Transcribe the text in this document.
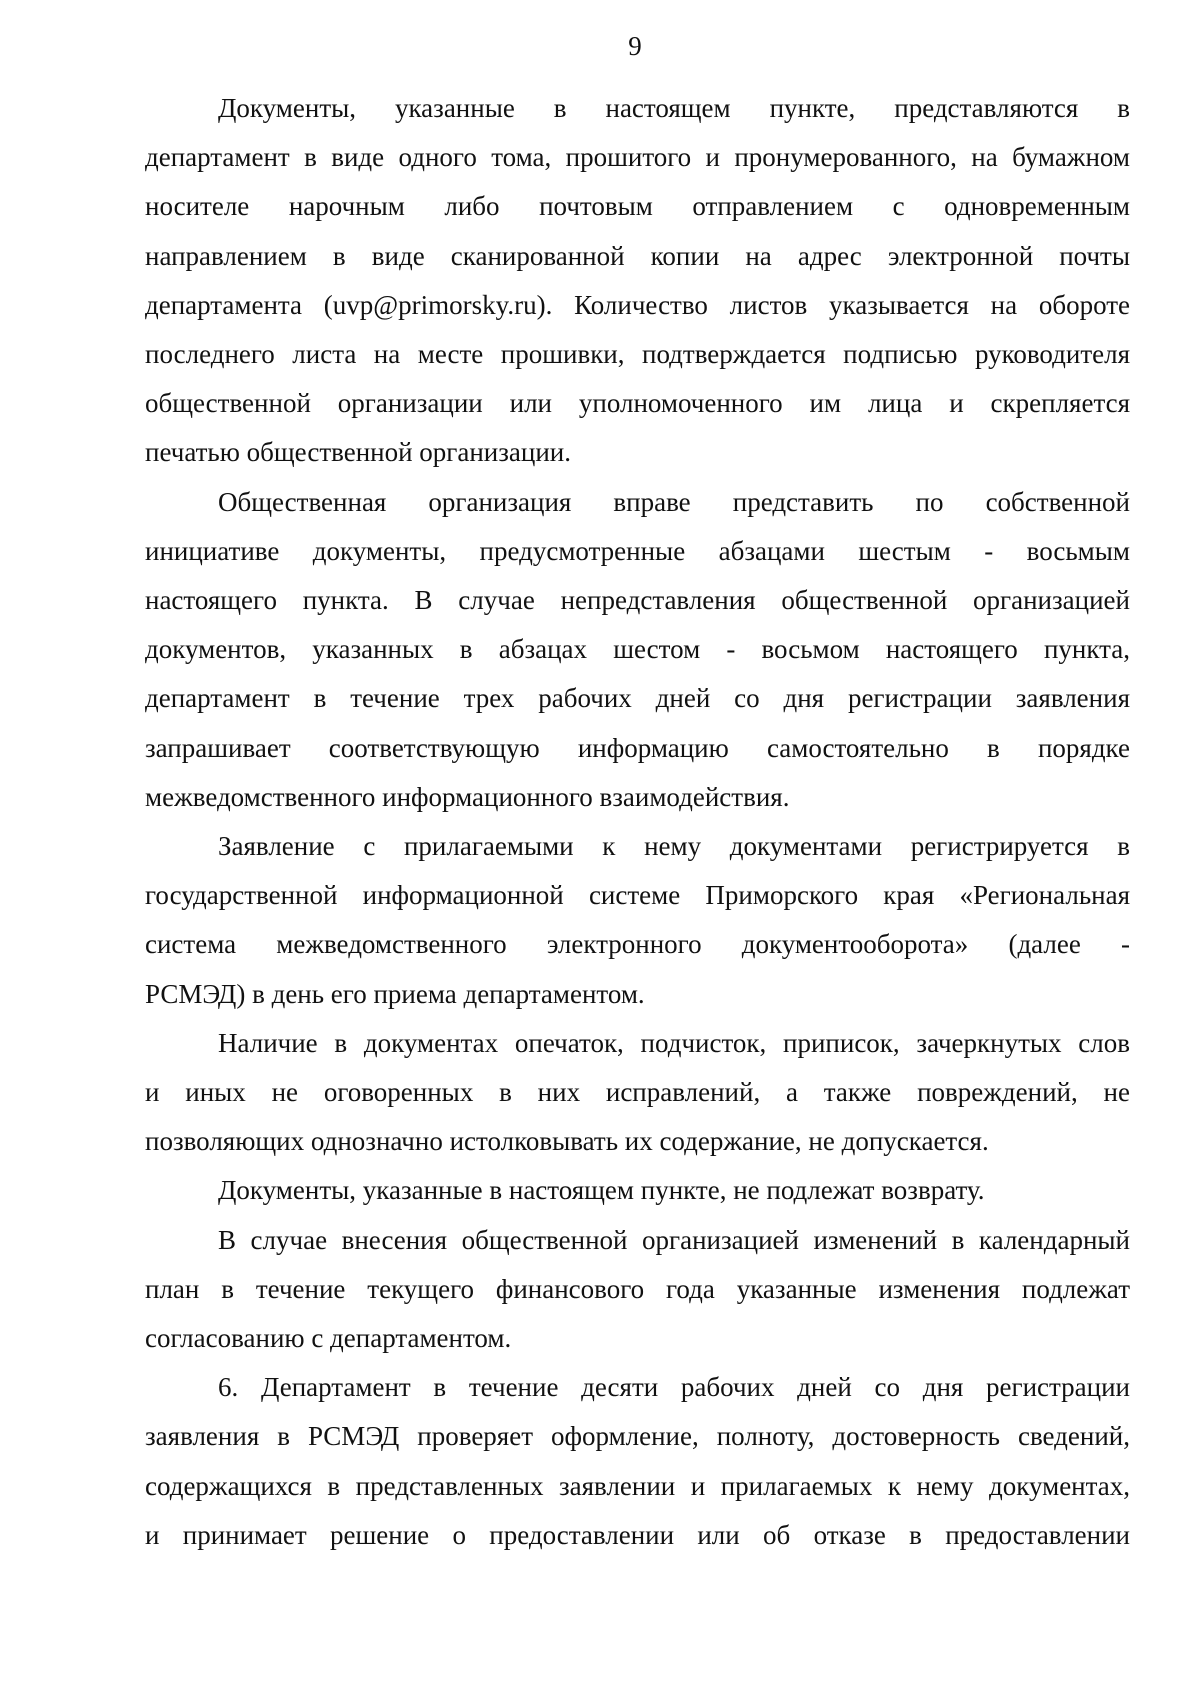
9
Документы, указанные в настоящем пункте, представляются в
департамент в виде одного тома, прошитого и пронумерованного, на бумажном
носителе нарочным либо почтовым отправлением с одновременным
направлением в виде сканированной копии на адрес электронной почты
департамента (uvp@primorsky.ru). Количество листов указывается на обороте
последнего листа на месте прошивки, подтверждается подписью руководителя
общественной организации или уполномоченного им лица и скрепляется
печатью общественной организации.
Общественная организация вправе представить по собственной
инициативе документы, предусмотренные абзацами шестым - восьмым
настоящего пункта. В случае непредставления общественной организацией
документов, указанных в абзацах шестом - восьмом настоящего пункта,
департамент в течение трех рабочих дней со дня регистрации заявления
запрашивает соответствующую информацию самостоятельно в порядке
межведомственного информационного взаимодействия.
Заявление с прилагаемыми к нему документами регистрируется в
государственной информационной системе Приморского края «Региональная
система межведомственного электронного документооборота» (далее -
РСМЭД) в день его приема департаментом.
Наличие в документах опечаток, подчисток, приписок, зачеркнутых слов
и иных не оговоренных в них исправлений, а также повреждений, не
позволяющих однозначно истолковывать их содержание, не допускается.
Документы, указанные в настоящем пункте, не подлежат возврату.
В случае внесения общественной организацией изменений в календарный
план в течение текущего финансового года указанные изменения подлежат
согласованию с департаментом.
6. Департамент в течение десяти рабочих дней со дня регистрации
заявления в РСМЭД проверяет оформление, полноту, достоверность сведений,
содержащихся в представленных заявлении и прилагаемых к нему документах,
и принимает решение о предоставлении или об отказе в предоставлении
